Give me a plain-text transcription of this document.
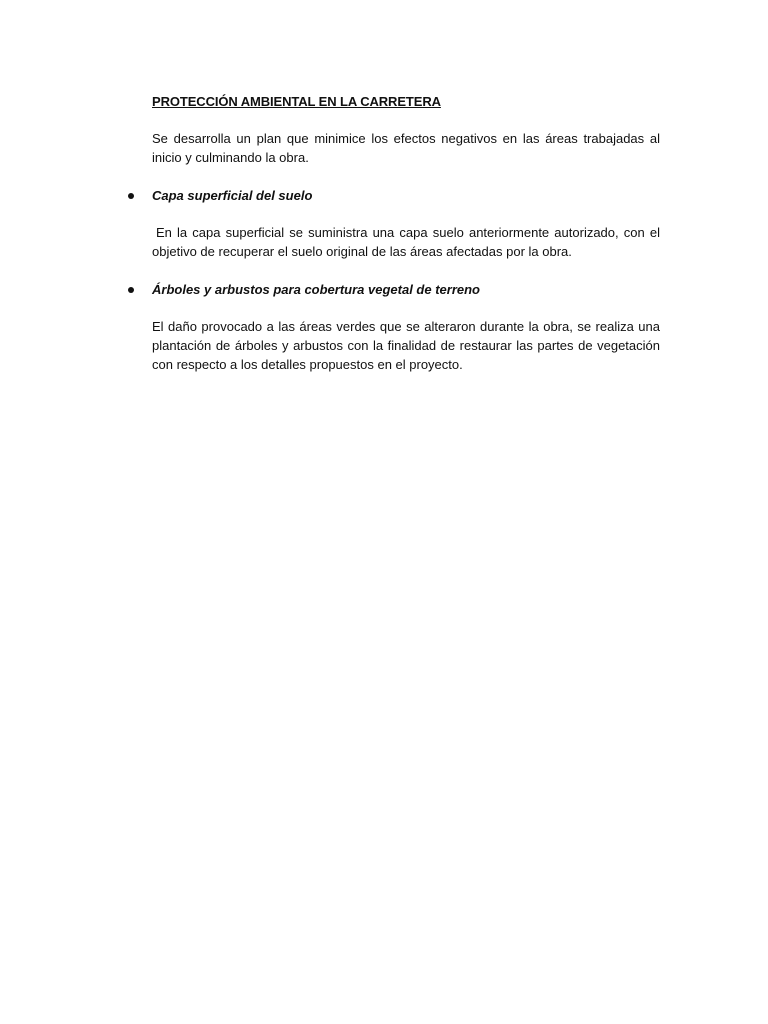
PROTECCIÓN AMBIENTAL EN LA CARRETERA

Se desarrolla un plan que minimice los efectos negativos en las áreas trabajadas al inicio y culminando la obra.

Capa superficial del suelo

En la capa superficial se suministra una capa suelo anteriormente autorizado, con el objetivo de recuperar el suelo original de las áreas afectadas por la obra.

Árboles y arbustos para cobertura vegetal de terreno

El daño provocado a las áreas verdes que se alteraron durante la obra, se realiza una plantación de árboles y arbustos con la finalidad de restaurar las partes de vegetación con respecto a los detalles propuestos en el proyecto.
